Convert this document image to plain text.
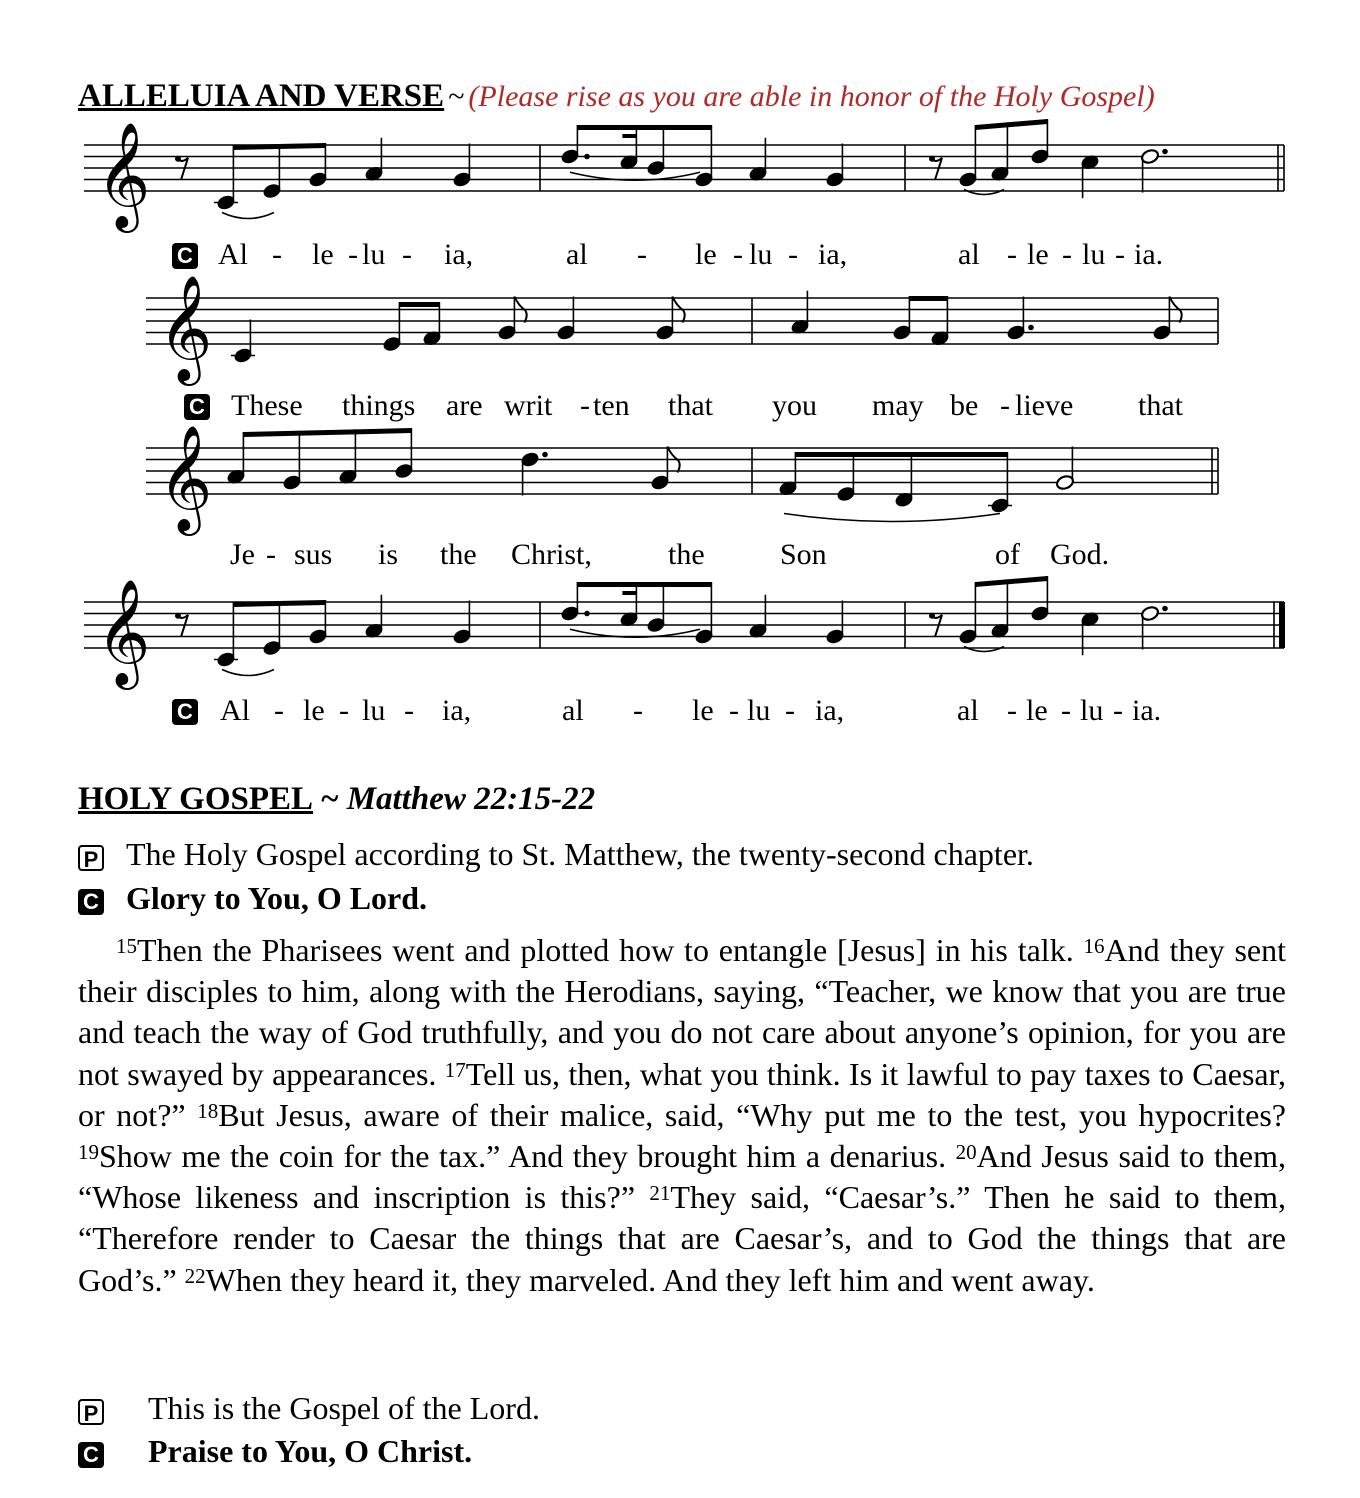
ALLELUIA AND VERSE ~ (Please rise as you are able in honor of the Holy Gospel)
𝄞
𝄞
𝄞
𝄞
C Al - le - lu - ia,	al - le - lu - ia,	al - le - lu - ia.
C These things are writ - ten that you may be - lieve that
Je - sus is the Christ,	the	Son	of God.
C Al - le - lu - ia,	al - le - lu - ia,	al - le - lu - ia.
HOLY GOSPEL ~ Matthew 22:15-22
P The Holy Gospel according to St. Matthew, the twenty-second chapter.
C Glory to You, O Lord.
$^{15}$Then the Pharisees went and plotted how to entangle [Jesus] in his talk. $^{16}$And they sent their disciples to him, along with the Herodians, saying, “Teacher, we know that you are true and teach the way of God truthfully, and you do not care about anyone’s opinion, for you are not swayed by appearances. $^{17}$Tell us, then, what you think. Is it lawful to pay taxes to Caesar, or not?” $^{18}$But Jesus, aware of their malice, said, “Why put me to the test, you hypocrites? $^{19}$Show me the coin for the tax.” And they brought him a denarius. $^{20}$And Jesus said to them, “Whose likeness and inscription is this?” $^{21}$They said, “Caesar’s.” Then he said to them, “Therefore render to Caesar the things that are Caesar’s, and to God the things that are God’s.” $^{22}$When they heard it, they marveled. And they left him and went away.
P This is the Gospel of the Lord.
C Praise to You, O Christ.
